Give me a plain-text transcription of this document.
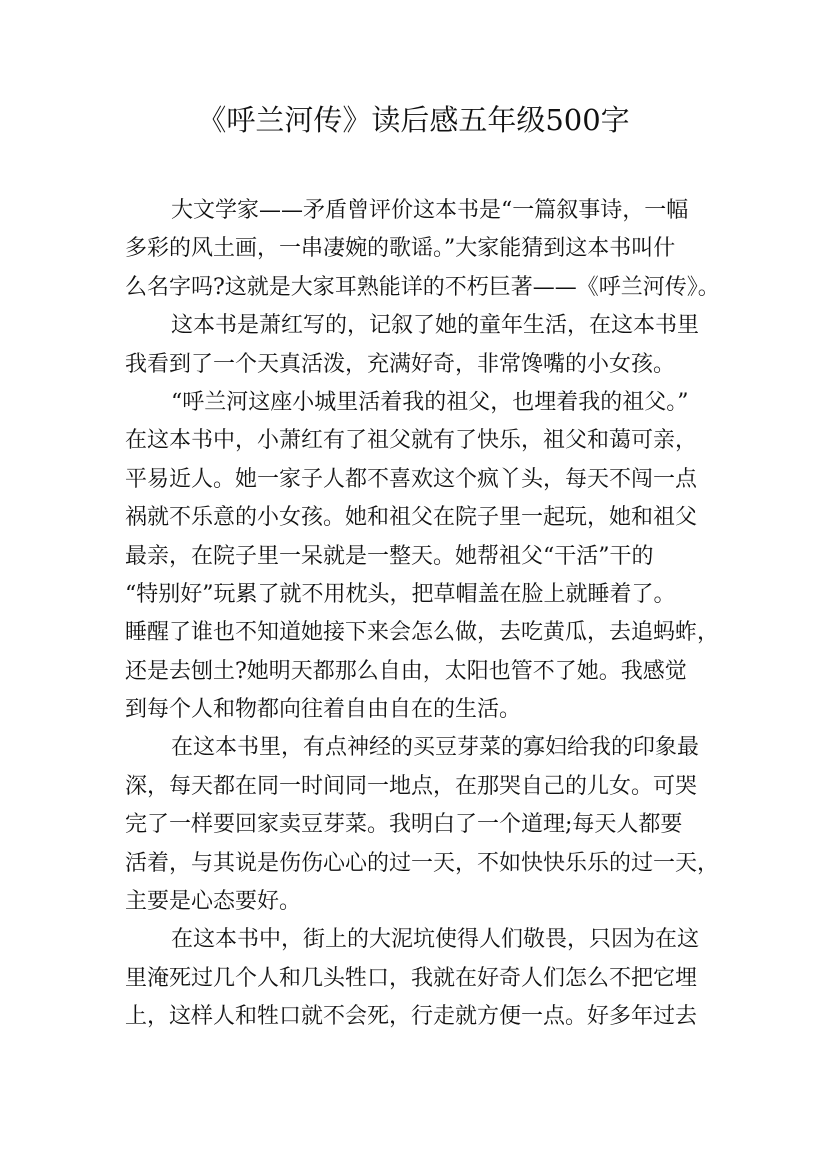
《呼兰河传》读后感五年级500字
大文学家——矛盾曾评价这本书是“一篇叙事诗，一幅
多彩的风土画，一串凄婉的歌谣。”大家能猜到这本书叫什
么名字吗?这就是大家耳熟能详的不朽巨著——《呼兰河传》。
这本书是萧红写的，记叙了她的童年生活，在这本书里
我看到了一个天真活泼，充满好奇，非常馋嘴的小女孩。
“呼兰河这座小城里活着我的祖父，也埋着我的祖父。”
在这本书中，小萧红有了祖父就有了快乐，祖父和蔼可亲，
平易近人。她一家子人都不喜欢这个疯丫头，每天不闯一点
祸就不乐意的小女孩。她和祖父在院子里一起玩，她和祖父
最亲，在院子里一呆就是一整天。她帮祖父“干活”干的
“特别好”玩累了就不用枕头，把草帽盖在脸上就睡着了。
睡醒了谁也不知道她接下来会怎么做，去吃黄瓜，去追蚂蚱，
还是去刨土?她明天都那么自由，太阳也管不了她。我感觉
到每个人和物都向往着自由自在的生活。
在这本书里，有点神经的买豆芽菜的寡妇给我的印象最
深，每天都在同一时间同一地点，在那哭自己的儿女。可哭
完了一样要回家卖豆芽菜。我明白了一个道理;每天人都要
活着，与其说是伤伤心心的过一天，不如快快乐乐的过一天，
主要是心态要好。
在这本书中，街上的大泥坑使得人们敬畏，只因为在这
里淹死过几个人和几头牲口，我就在好奇人们怎么不把它埋
上，这样人和牲口就不会死，行走就方便一点。好多年过去
